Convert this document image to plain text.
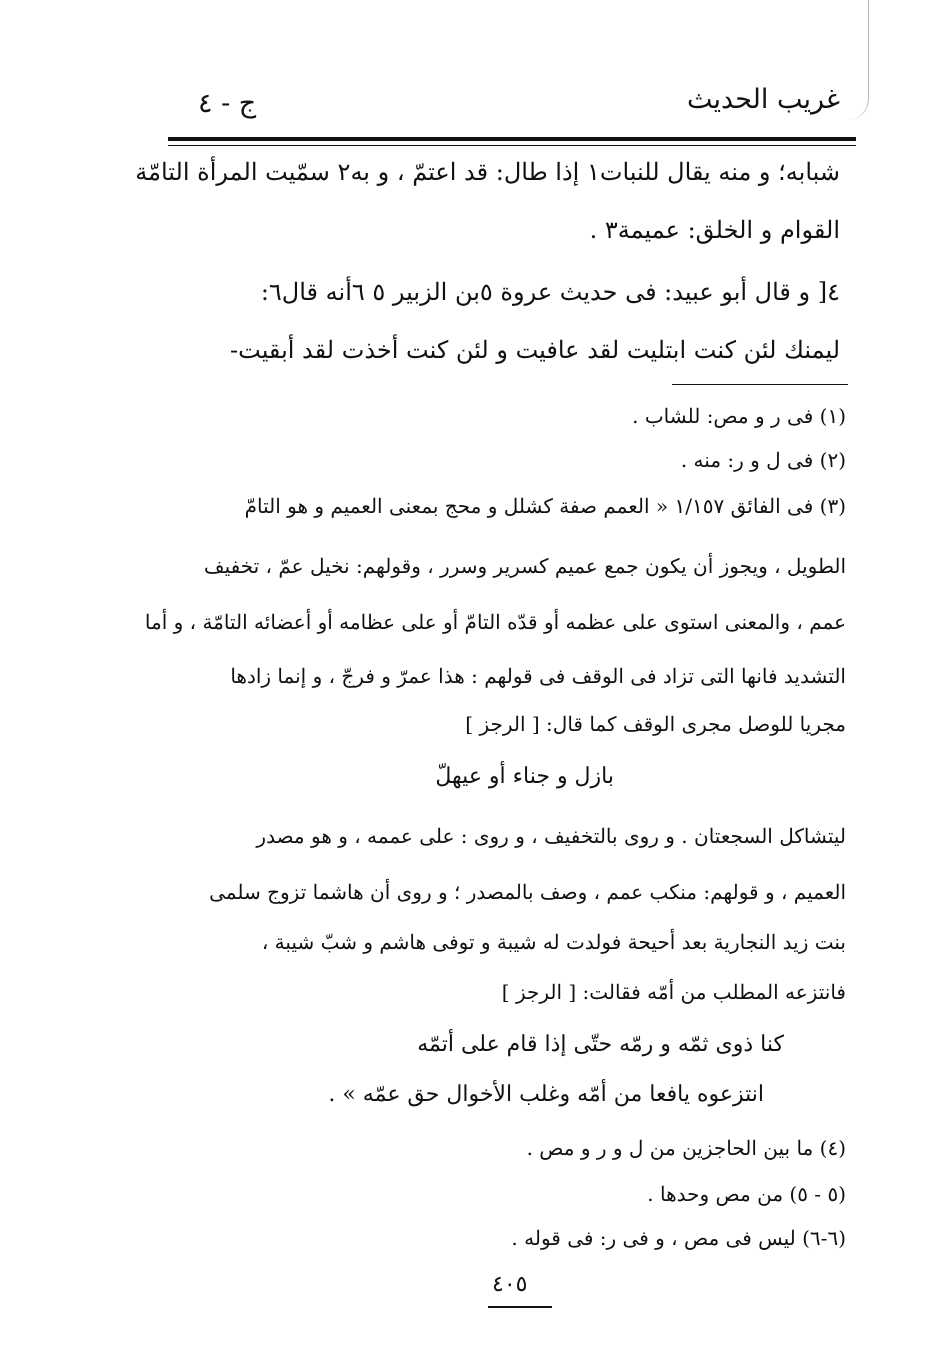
غريب الحديث
ج - ٤
شبابه؛ و منه يقال للنبات١ إذا طال: قد اعتمّ ، و به٢ سمّيت المرأة التامّة
القوام و الخلق: عميمة٣ .
٤[ و قال أبو عبيد: فى حديث عروة ٥بن الزبير ٥ ٦أنه قال٦:
ليمنك لئن كنت ابتليت لقد عافيت و لئن كنت أخذت لقد أبقيت-
(١) فى ر و مص: للشاب .
(٢) فى ل و ر: منه .
(٣) فى الفائق ١/١٥٧ « العمم صفة كشلل و محج بمعنى العميم و هو التامّ
الطويل ، ويجوز أن يكون جمع عميم كسرير وسرر ، وقولهم: نخيل عمّ ، تخفيف
عمم ، والمعنى استوى على عظمه أو قدّه التامّ أو على عظامه أو أعضائه التامّة ، و أما
التشديد فانها التى تزاد فى الوقف فى قولهم : هذا عمرّ و فرجّ ، و إنما زادها
مجريا للوصل مجرى الوقف كما قال: [ الرجز ]
بازل و جناء أو عيهلّ
ليتشاكل السجعتان . و روى بالتخفيف ، و روى : على عممه ، و هو مصدر
العميم ، و قولهم: منكب عمم ، وصف بالمصدر ؛ و روى أن هاشما تزوج سلمى
بنت زيد النجارية بعد أحيحة فولدت له شيبة و توفى هاشم و شبّ شيبة ،
فانتزعه المطلب من أمّه فقالت: [ الرجز ]
كنا ذوى ثمّه و رمّه حتّى إذا قام على أتمّه
انتزعوه يافعا من أمّه وغلب الأخوال حق عمّه » .
(٤) ما بين الحاجزين من ل و ر و مص .
(٥ - ٥) من مص وحدها .
(٦-٦) ليس فى مص ، و فى ر: فى قوله .
٤٠٥
